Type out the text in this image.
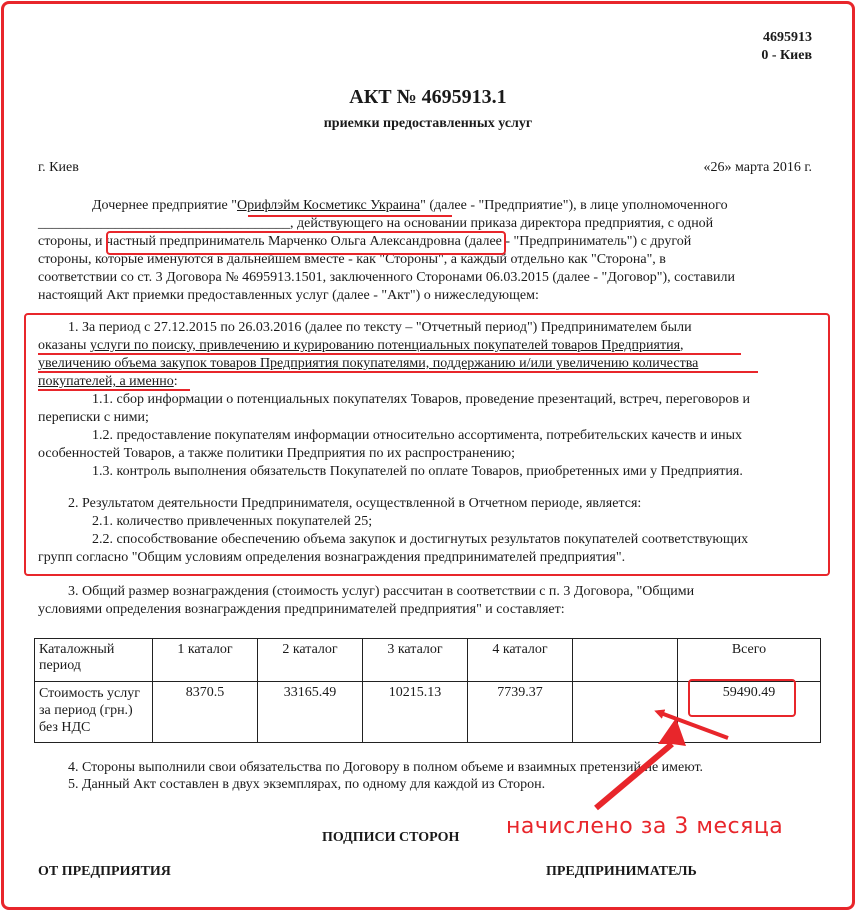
4695913
0 - Киев
АКТ № 4695913.1
приемки предоставленных услуг
г. Киев	«26» марта 2016 г.
Дочернее предприятие "Орифлэйм Косметикс Украина" (далее - "Предприятие"), в лице уполномоченного
____________________________________, действующего на основании приказа директора предприятия, с одной
стороны, и частный предприниматель Марченко Ольга Александровна (далее - "Предприниматель") с другой
стороны, которые именуются в дальнейшем вместе - как "Стороны", а каждый отдельно как "Сторона", в
соответствии со ст. 3 Договора № 4695913.1501, заключенного Сторонами 06.03.2015 (далее - "Договор"), составили
настоящий Акт приемки предоставленных услуг (далее - "Акт") о нижеследующем:
1. За период с 27.12.2015 по 26.03.2016 (далее по тексту – "Отчетный период") Предпринимателем были
оказаны услуги по поиску, привлечению и курированию потенциальных покупателей товаров Предприятия,
увеличению объема закупок товаров Предприятия покупателями, поддержанию и/или увеличению количества
покупателей, а именно:
1.1. сбор информации о потенциальных покупателях Товаров, проведение презентаций, встреч, переговоров и
переписки с ними;
1.2. предоставление покупателям информации относительно ассортимента, потребительских качеств и иных
особенностей Товаров, а также политики Предприятия по их распространению;
1.3. контроль выполнения обязательств Покупателей по оплате Товаров, приобретенных ими у Предприятия.
2. Результатом деятельности Предпринимателя, осуществленной в Отчетном периоде, является:
2.1. количество привлеченных покупателей 25;
2.2. способствование обеспечению объема закупок и достигнутых результатов покупателей соответствующих
групп согласно "Общим условиям определения вознаграждения предпринимателей предприятия".
3. Общий размер вознаграждения (стоимость услуг) рассчитан в соответствии с п. 3 Договора, "Общими
условиями определения вознаграждения предпринимателей предприятия" и составляет:
Каталожный период	1 каталог	2 каталог	3 каталог	4 каталог		Всего
Стоимость услуг за период (грн.) без НДС	8370.5	33165.49	10215.13	7739.37		59490.49
4. Стороны выполнили свои обязательства по Договору в полном объеме и взаимных претензий не имеют.
5. Данный Акт составлен в двух экземплярах, по одному для каждой из Сторон.
ПОДПИСИ СТОРОН
ОТ ПРЕДПРИЯТИЯ	ПРЕДПРИНИМАТЕЛЬ
начислено за 3 месяца
